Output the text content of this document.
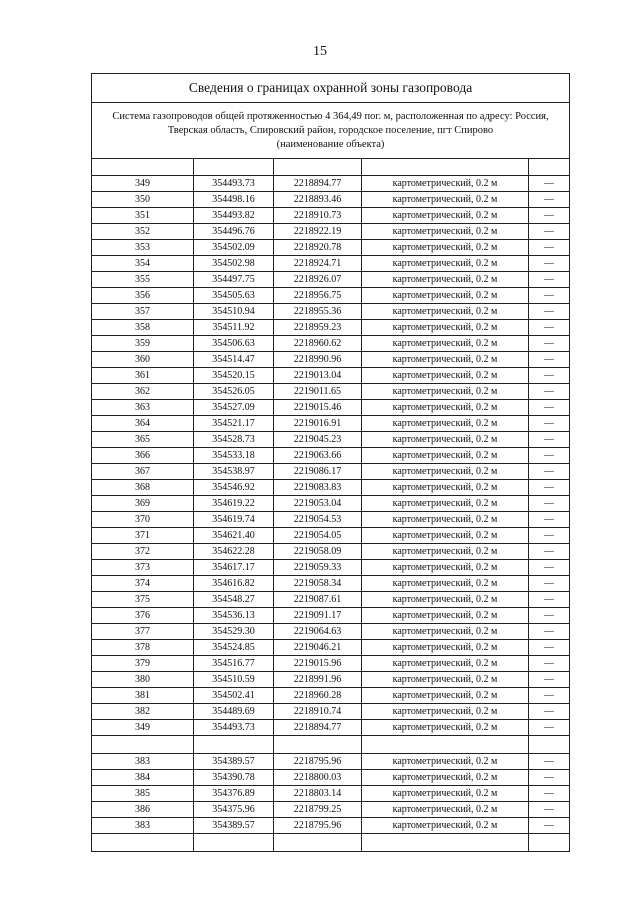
15
Сведения о границах охранной зоны газопровода				

Система газопроводов общей протяженностью 4 364,49 пог. м, расположенная по адресу: Россия,
Тверская область, Спировский район, городское поселение, пгт Спирово
(наименование объекта)				

349	354493.73	2218894.77	картометрический, 0.2 м	—
350	354498.16	2218893.46	картометрический, 0.2 м	—
351	354493.82	2218910.73	картометрический, 0.2 м	—
352	354496.76	2218922.19	картометрический, 0.2 м	—
353	354502.09	2218920.78	картометрический, 0.2 м	—
354	354502.98	2218924.71	картометрический, 0.2 м	—
355	354497.75	2218926.07	картометрический, 0.2 м	—
356	354505.63	2218956.75	картометрический, 0.2 м	—
357	354510.94	2218955.36	картометрический, 0.2 м	—
358	354511.92	2218959.23	картометрический, 0.2 м	—
359	354506.63	2218960.62	картометрический, 0.2 м	—
360	354514.47	2218990.96	картометрический, 0.2 м	—
361	354520.15	2219013.04	картометрический, 0.2 м	—
362	354526.05	2219011.65	картометрический, 0.2 м	—
363	354527.09	2219015.46	картометрический, 0.2 м	—
364	354521.17	2219016.91	картометрический, 0.2 м	—
365	354528.73	2219045.23	картометрический, 0.2 м	—
366	354533.18	2219063.66	картометрический, 0.2 м	—
367	354538.97	2219086.17	картометрический, 0.2 м	—
368	354546.92	2219083.83	картометрический, 0.2 м	—
369	354619.22	2219053.04	картометрический, 0.2 м	—
370	354619.74	2219054.53	картометрический, 0.2 м	—
371	354621.40	2219054.05	картометрический, 0.2 м	—
372	354622.28	2219058.09	картометрический, 0.2 м	—
373	354617.17	2219059.33	картометрический, 0.2 м	—
374	354616.82	2219058.34	картометрический, 0.2 м	—
375	354548.27	2219087.61	картометрический, 0.2 м	—
376	354536.13	2219091.17	картометрический, 0.2 м	—
377	354529.30	2219064.63	картометрический, 0.2 м	—
378	354524.85	2219046.21	картометрический, 0.2 м	—
379	354516.77	2219015.96	картометрический, 0.2 м	—
380	354510.59	2218991.96	картометрический, 0.2 м	—
381	354502.41	2218960.28	картометрический, 0.2 м	—
382	354489.69	2218910.74	картометрический, 0.2 м	—
349	354493.73	2218894.77	картометрический, 0.2 м	—

383	354389.57	2218795.96	картометрический, 0.2 м	—
384	354390.78	2218800.03	картометрический, 0.2 м	—
385	354376.89	2218803.14	картометрический, 0.2 м	—
386	354375.96	2218799.25	картометрический, 0.2 м	—
383	354389.57	2218795.96	картометрический, 0.2 м	—
